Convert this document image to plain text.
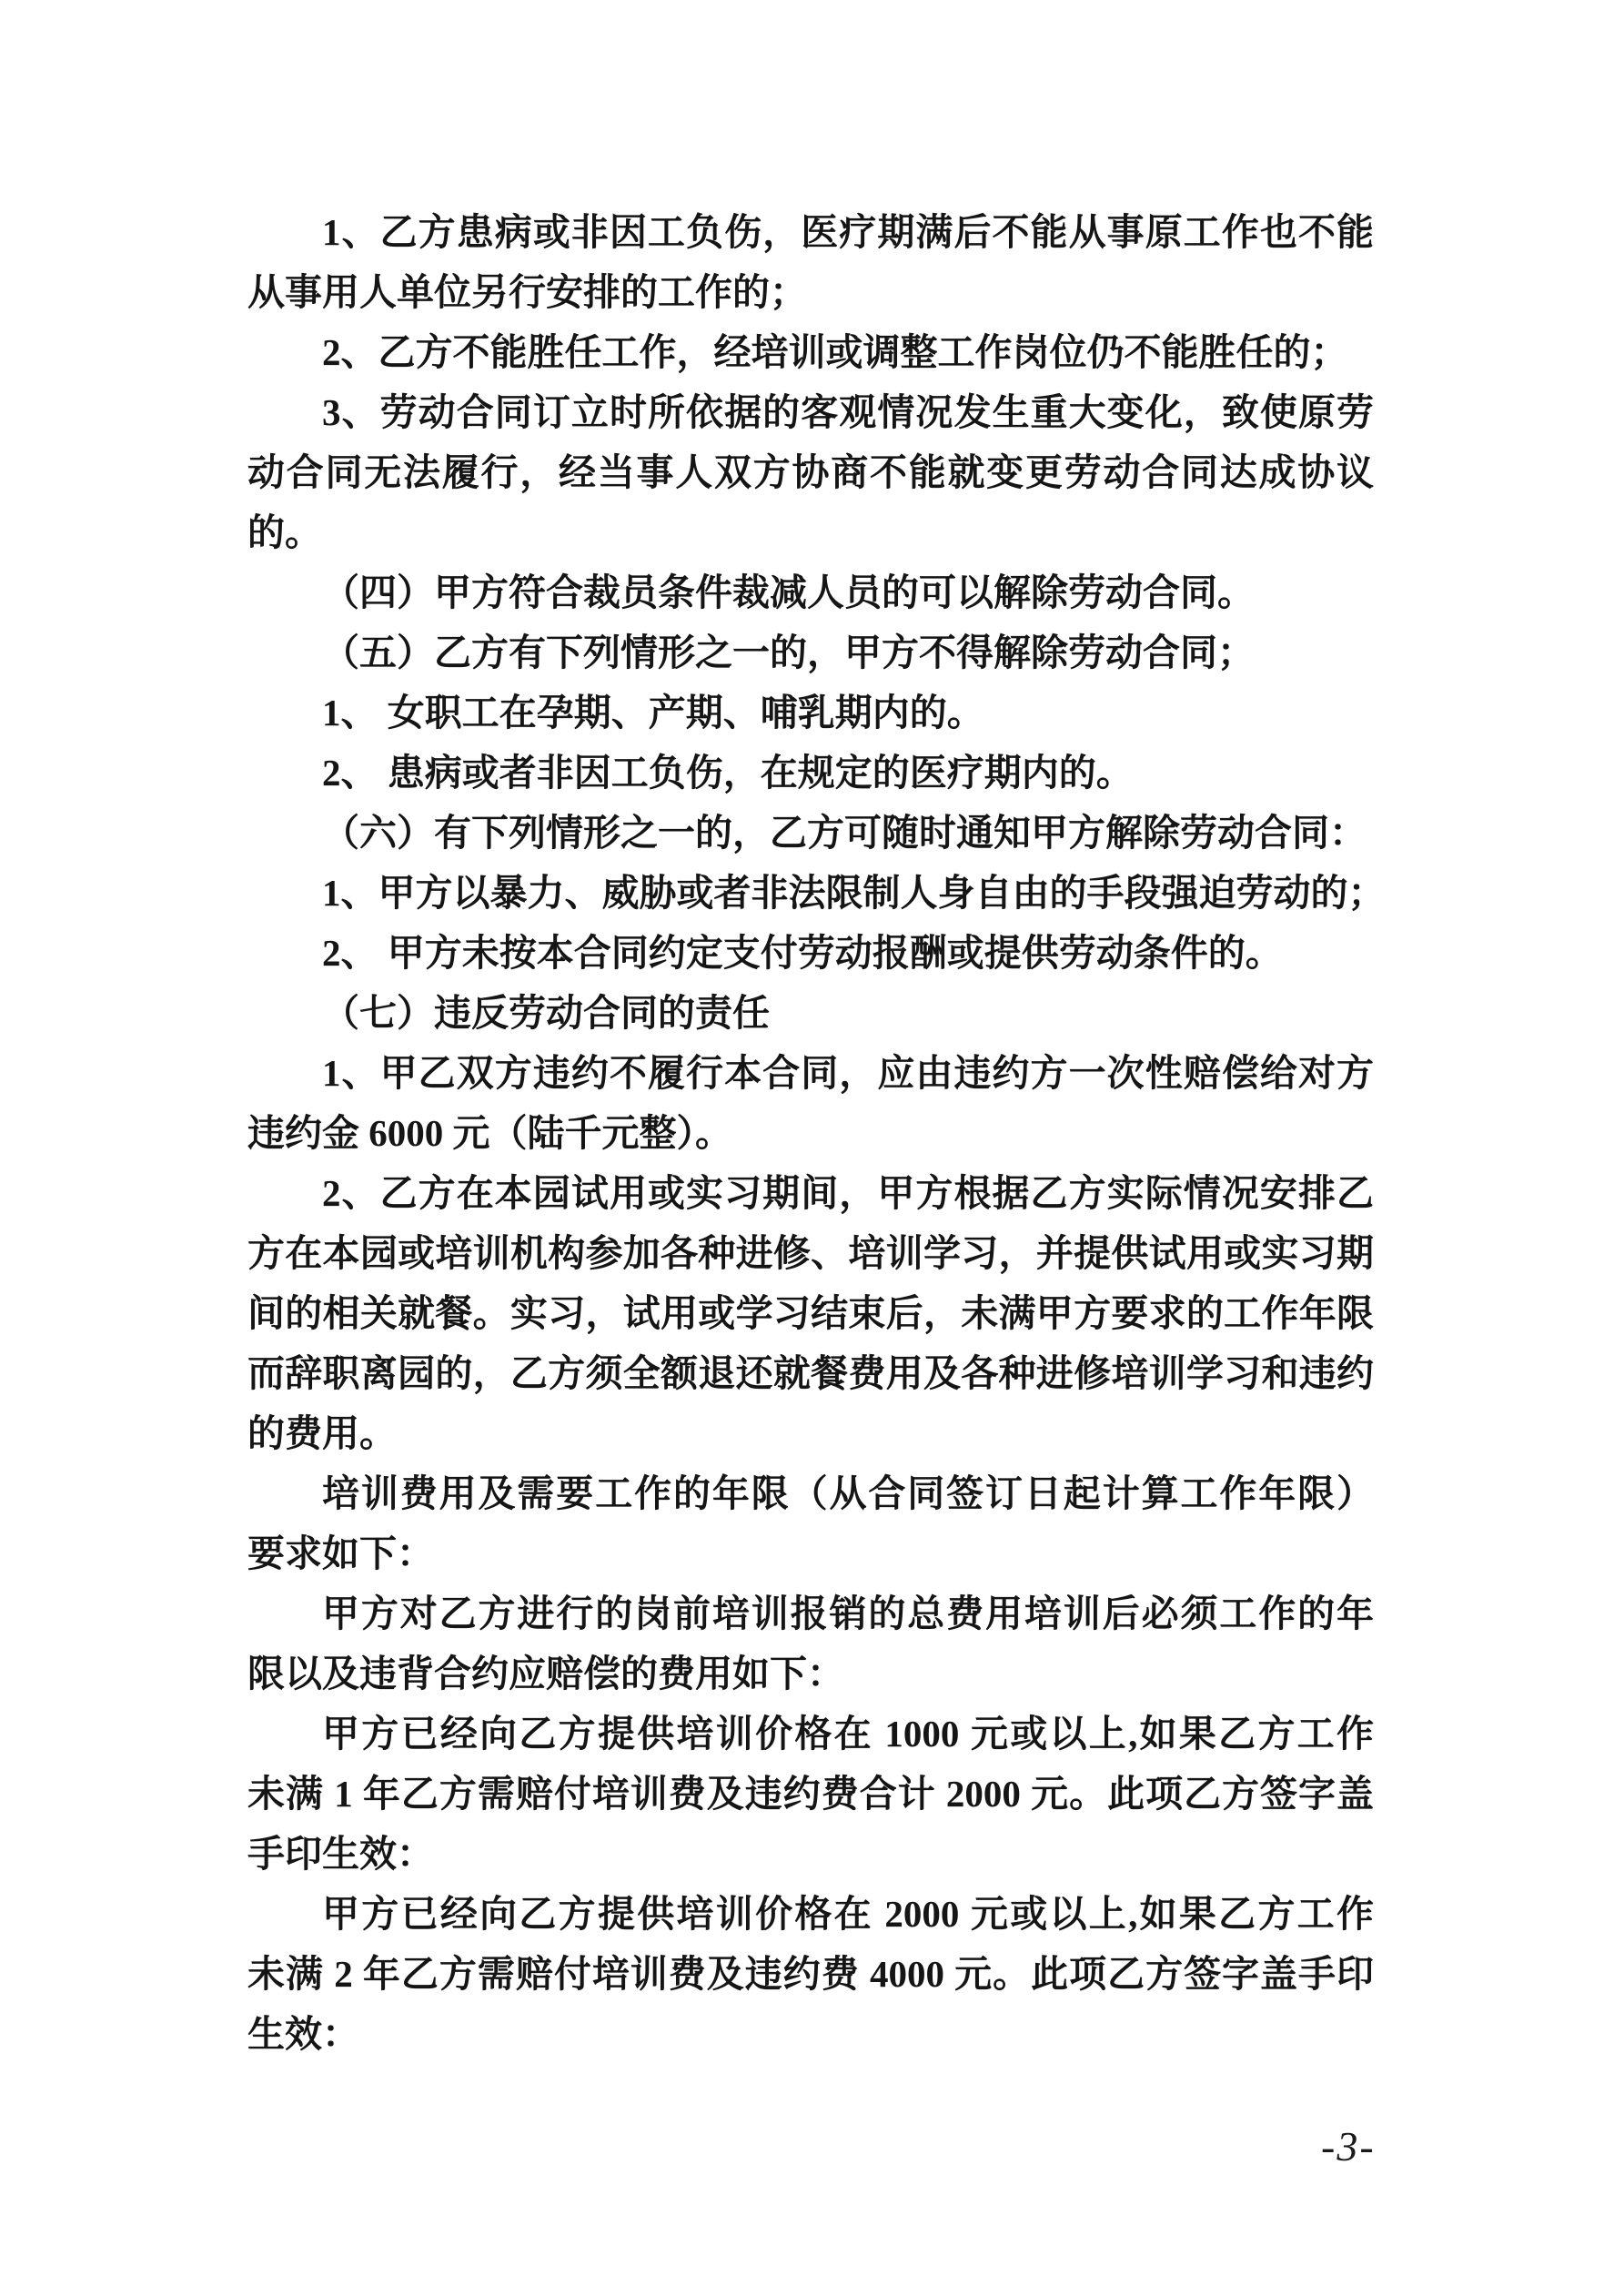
1、乙方患病或非因工负伤，医疗期满后不能从事原工作也不能
从事用人单位另行安排的工作的；
2、乙方不能胜任工作，经培训或调整工作岗位仍不能胜任的；
3、劳动合同订立时所依据的客观情况发生重大变化，致使原劳
动合同无法履行，经当事人双方协商不能就变更劳动合同达成协议
的。
（四）甲方符合裁员条件裁减人员的可以解除劳动合同。
（五）乙方有下列情形之一的，甲方不得解除劳动合同；
1、 女职工在孕期、产期、哺乳期内的。
2、 患病或者非因工负伤，在规定的医疗期内的。
（六）有下列情形之一的，乙方可随时通知甲方解除劳动合同：
1、甲方以暴力、威胁或者非法限制人身自由的手段强迫劳动的；
2、 甲方未按本合同约定支付劳动报酬或提供劳动条件的。
（七）违反劳动合同的责任
1、甲乙双方违约不履行本合同，应由违约方一次性赔偿给对方
违约金 6000 元（陆千元整）。
2、乙方在本园试用或实习期间，甲方根据乙方实际情况安排乙
方在本园或培训机构参加各种进修、培训学习，并提供试用或实习期
间的相关就餐。实习，试用或学习结束后，未满甲方要求的工作年限
而辞职离园的，乙方须全额退还就餐费用及各种进修培训学习和违约
的费用。
培训费用及需要工作的年限（从合同签订日起计算工作年限）
要求如下：
甲方对乙方进行的岗前培训报销的总费用培训后必须工作的年
限以及违背合约应赔偿的费用如下：
甲方已经向乙方提供培训价格在 1000 元或以上,如果乙方工作
未满 1 年乙方需赔付培训费及违约费合计 2000 元。此项乙方签字盖
手印生效：
甲方已经向乙方提供培训价格在 2000 元或以上,如果乙方工作
未满 2 年乙方需赔付培训费及违约费 4000 元。此项乙方签字盖手印
生效：
-3-
